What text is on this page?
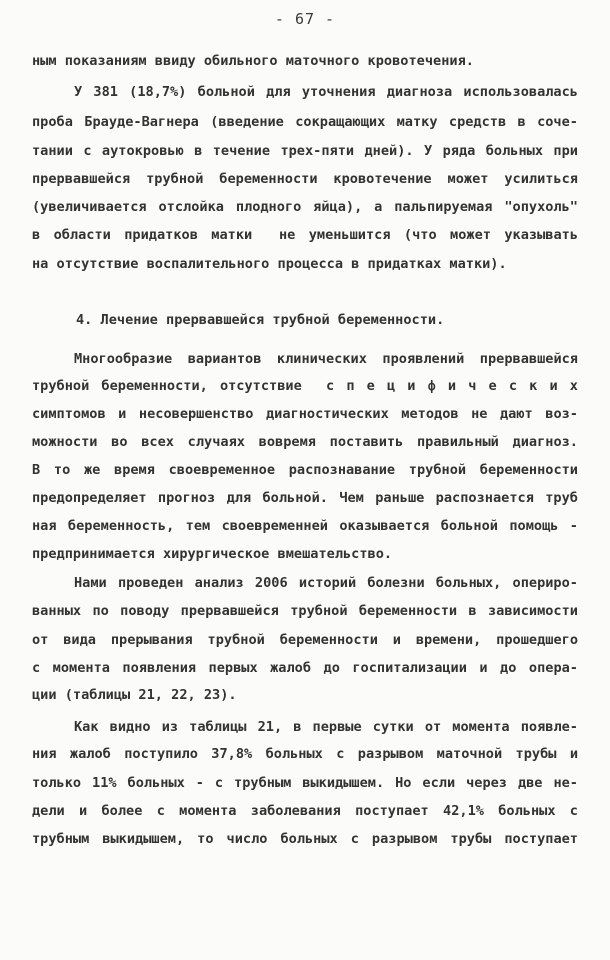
- 67 -
ным показаниям ввиду обильного маточного кровотечения.
У 381 (18,7%) больной для уточнения диагноза использовалась
проба Брауде-Вагнера (введение сокращающих матку средств в соче-
тании с аутокровью в течение трех-пяти дней). У ряда больных при
прервавшейся трубной беременности кровотечение может усилиться
(увеличивается отслойка плодного яйца), а пальпируемая "опухоль"
в области придатков матки  не уменьшится (что может указывать
на отсутствие воспалительного процесса в придатках матки).
4. Лечение прервавшейся трубной беременности.
Многообразие вариантов клинических проявлений прервавшейся
трубной беременности, отсутствие  с п е ц и ф и ч е с к и х
симптомов и несовершенство диагностических методов не дают воз-
можности во всех случаях вовремя поставить правильный диагноз.
В то же время своевременное распознавание трубной беременности
предопределяет прогноз для больной. Чем раньше распознается труб
ная беременность, тем своевременней оказывается больной помощь -
предпринимается хирургическое вмешательство.
Нами проведен анализ 2006 историй болезни больных, опериро-
ванных по поводу прервавшейся трубной беременности в зависимости
от вида прерывания трубной беременности и времени, прошедшего
с момента появления первых жалоб до госпитализации и до опера-
ции (таблицы 21, 22, 23).
Как видно из таблицы 21, в первые сутки от момента появле-
ния жалоб поступило 37,8% больных с разрывом маточной трубы и
только 11% больных - с трубным выкидышем. Но если через две не-
дели и более с момента заболевания поступает 42,1% больных с
трубным выкидышем, то число больных с разрывом трубы поступает
